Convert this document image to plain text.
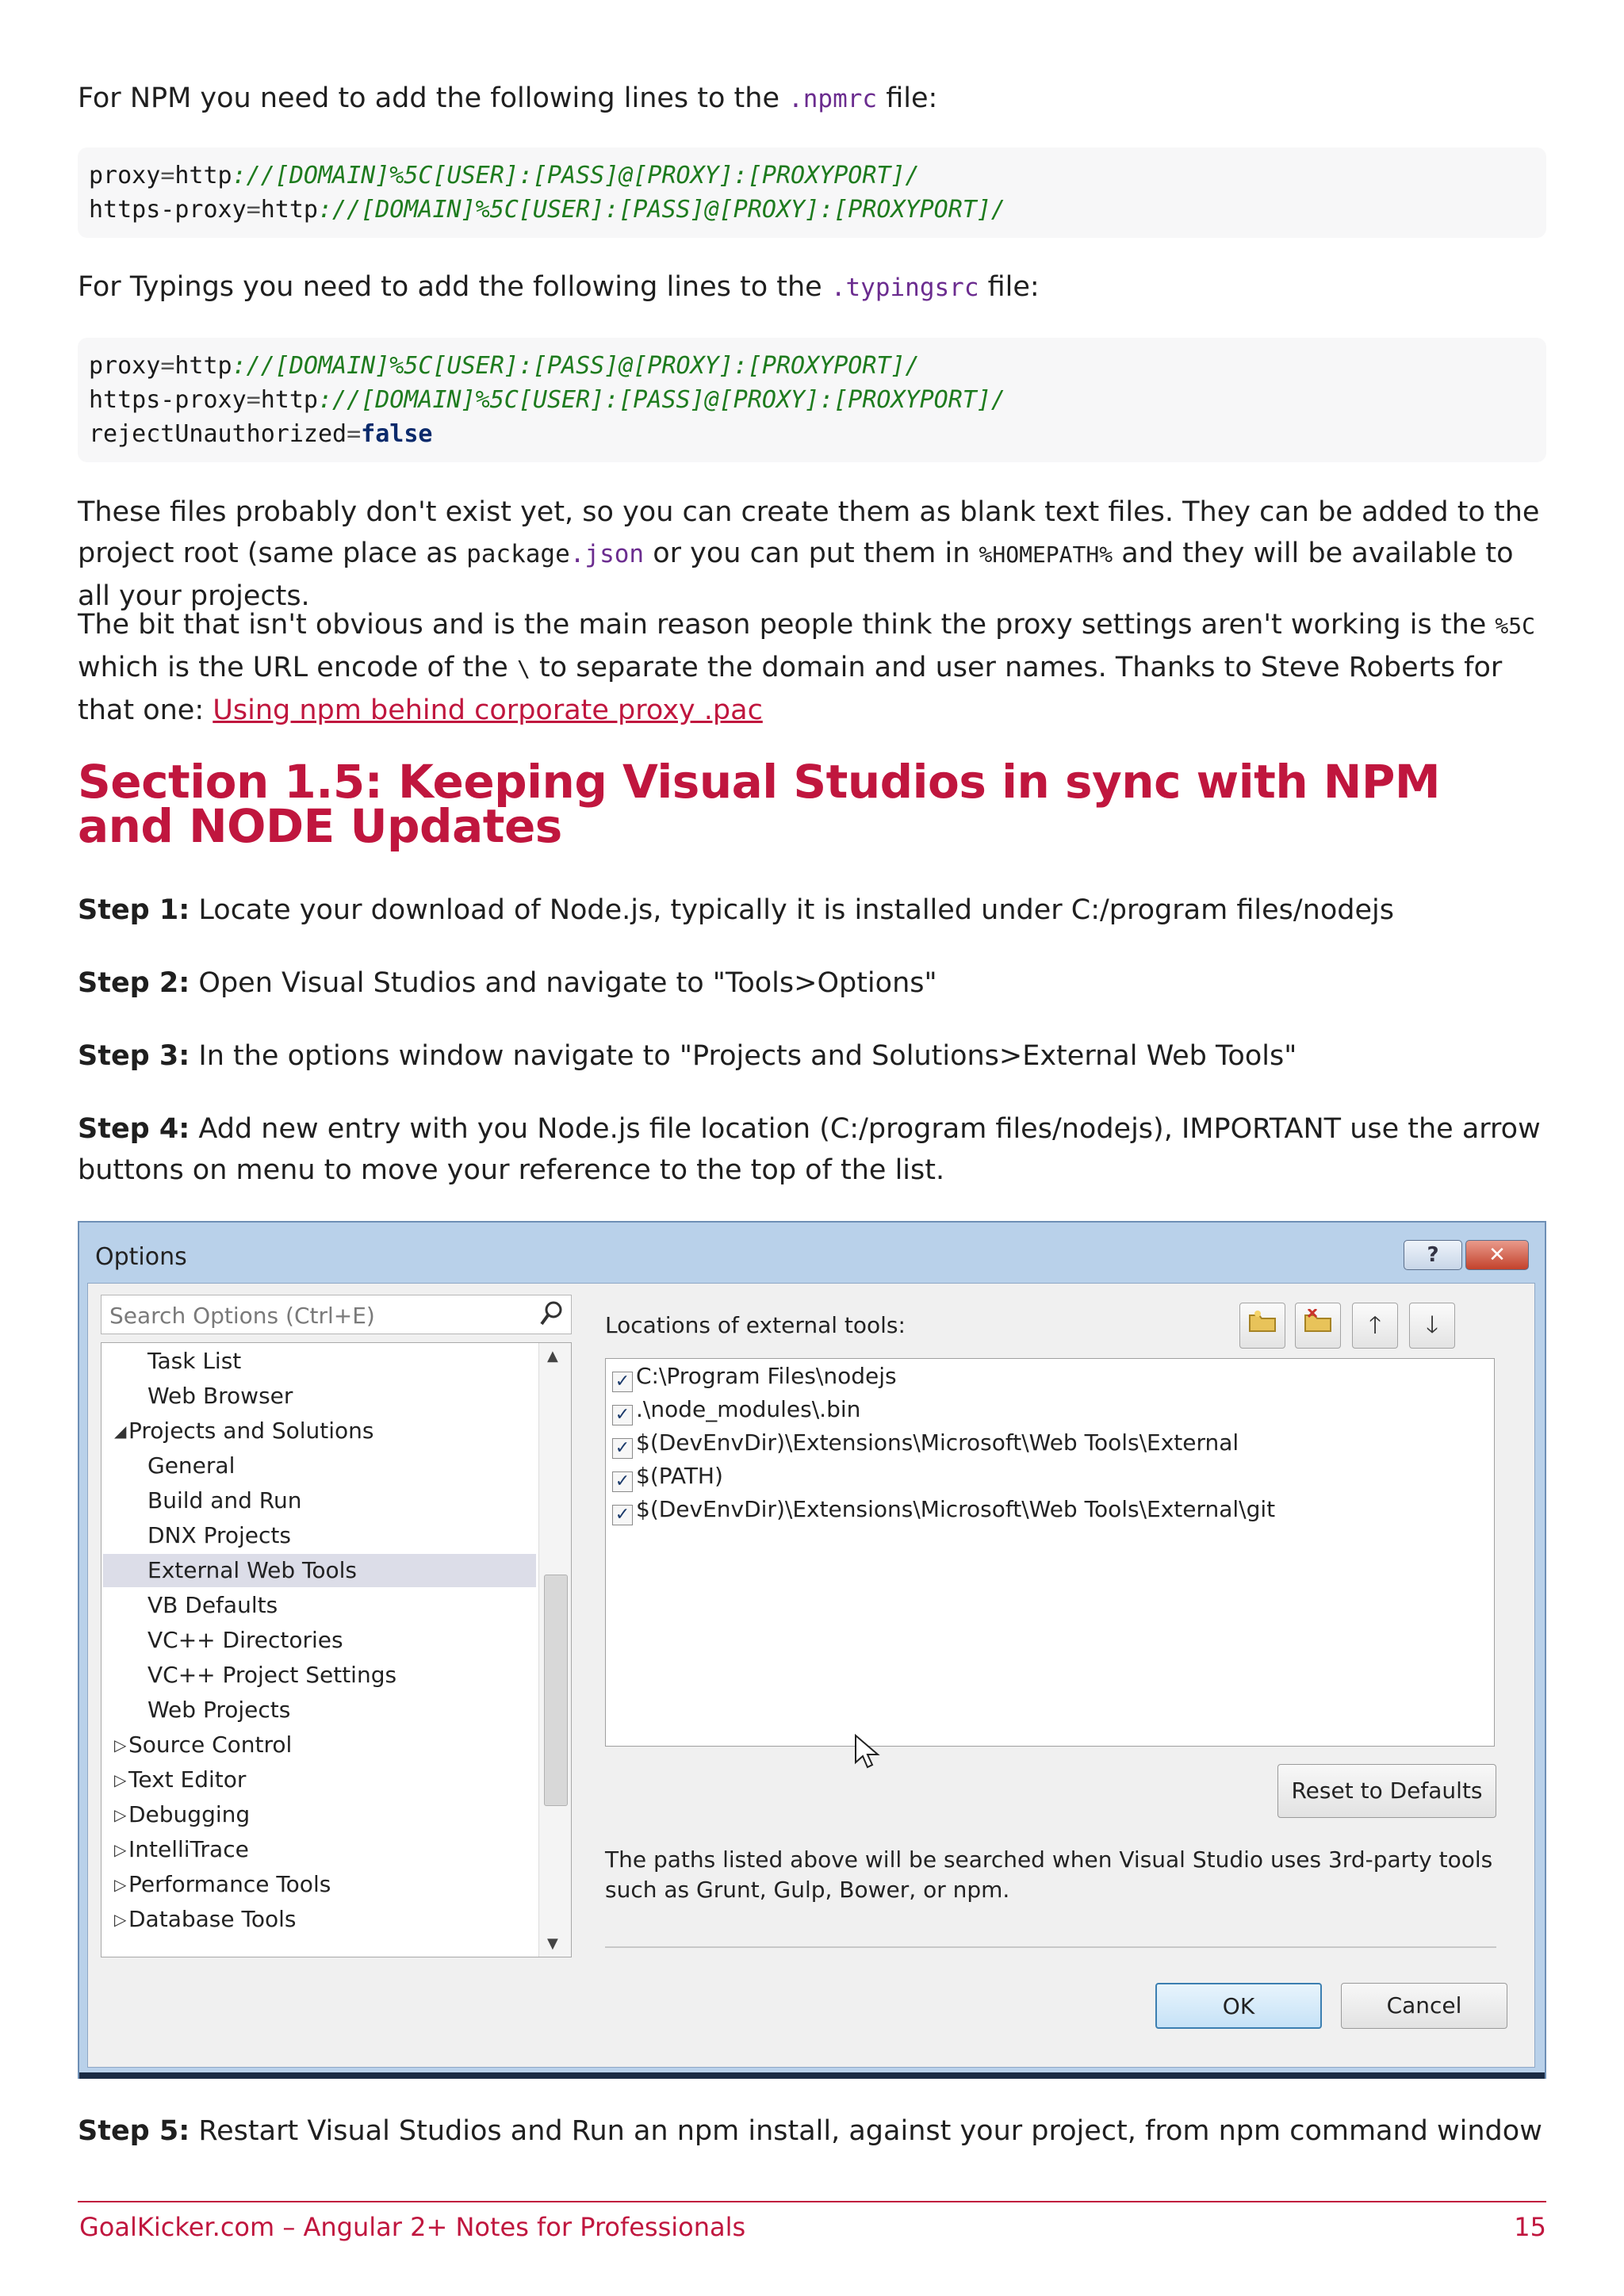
For NPM you need to add the following lines to the .npmrc file:

proxy=http://[DOMAIN]%5C[USER]:[PASS]@[PROXY]:[PROXYPORT]/
https-proxy=http://[DOMAIN]%5C[USER]:[PASS]@[PROXY]:[PROXYPORT]/

For Typings you need to add the following lines to the .typingsrc file:

proxy=http://[DOMAIN]%5C[USER]:[PASS]@[PROXY]:[PROXYPORT]/
https-proxy=http://[DOMAIN]%5C[USER]:[PASS]@[PROXY]:[PROXYPORT]/
rejectUnauthorized=false

These files probably don't exist yet, so you can create them as blank text files. They can be added to the project root (same place as package.json or you can put them in %HOMEPATH% and they will be available to all your projects.

The bit that isn't obvious and is the main reason people think the proxy settings aren't working is the %5C which is the URL encode of the \ to separate the domain and user names. Thanks to Steve Roberts for that one: Using npm behind corporate proxy .pac

Section 1.5: Keeping Visual Studios in sync with NPM and NODE Updates

Step 1: Locate your download of Node.js, typically it is installed under C:/program files/nodejs

Step 2: Open Visual Studios and navigate to "Tools>Options"

Step 3: In the options window navigate to "Projects and Solutions>External Web Tools"

Step 4: Add new entry with you Node.js file location (C:/program files/nodejs), IMPORTANT use the arrow buttons on menu to move your reference to the top of the list.

Options	?	✕
Search Options (Ctrl+E)
▷ Database Tools
▷ Performance Tools
▷ IntelliTrace
▷ Debugging
▷ Text Editor
▷ Source Control
Web Projects
VC++ Project Settings
VC++ Directories
VB Defaults
External Web Tools
DNX Projects
Build and Run
General
◢ Projects and Solutions
Web Browser
Task List	▲
▼
Locations of external tools:	🡑	🡓
✓ C:\Program Files\nodejs
✓ .\node_modules\.bin
✓ $(DevEnvDir)\Extensions\Microsoft\Web Tools\External
✓ $(PATH)
✓ $(DevEnvDir)\Extensions\Microsoft\Web Tools\External\git
Reset to Defaults
The paths listed above will be searched when Visual Studio uses 3rd-party tools such as Grunt, Gulp, Bower, or npm.
OK	Cancel

Step 5: Restart Visual Studios and Run an npm install, against your project, from npm command window

GoalKicker.com – Angular 2+ Notes for Professionals	15
